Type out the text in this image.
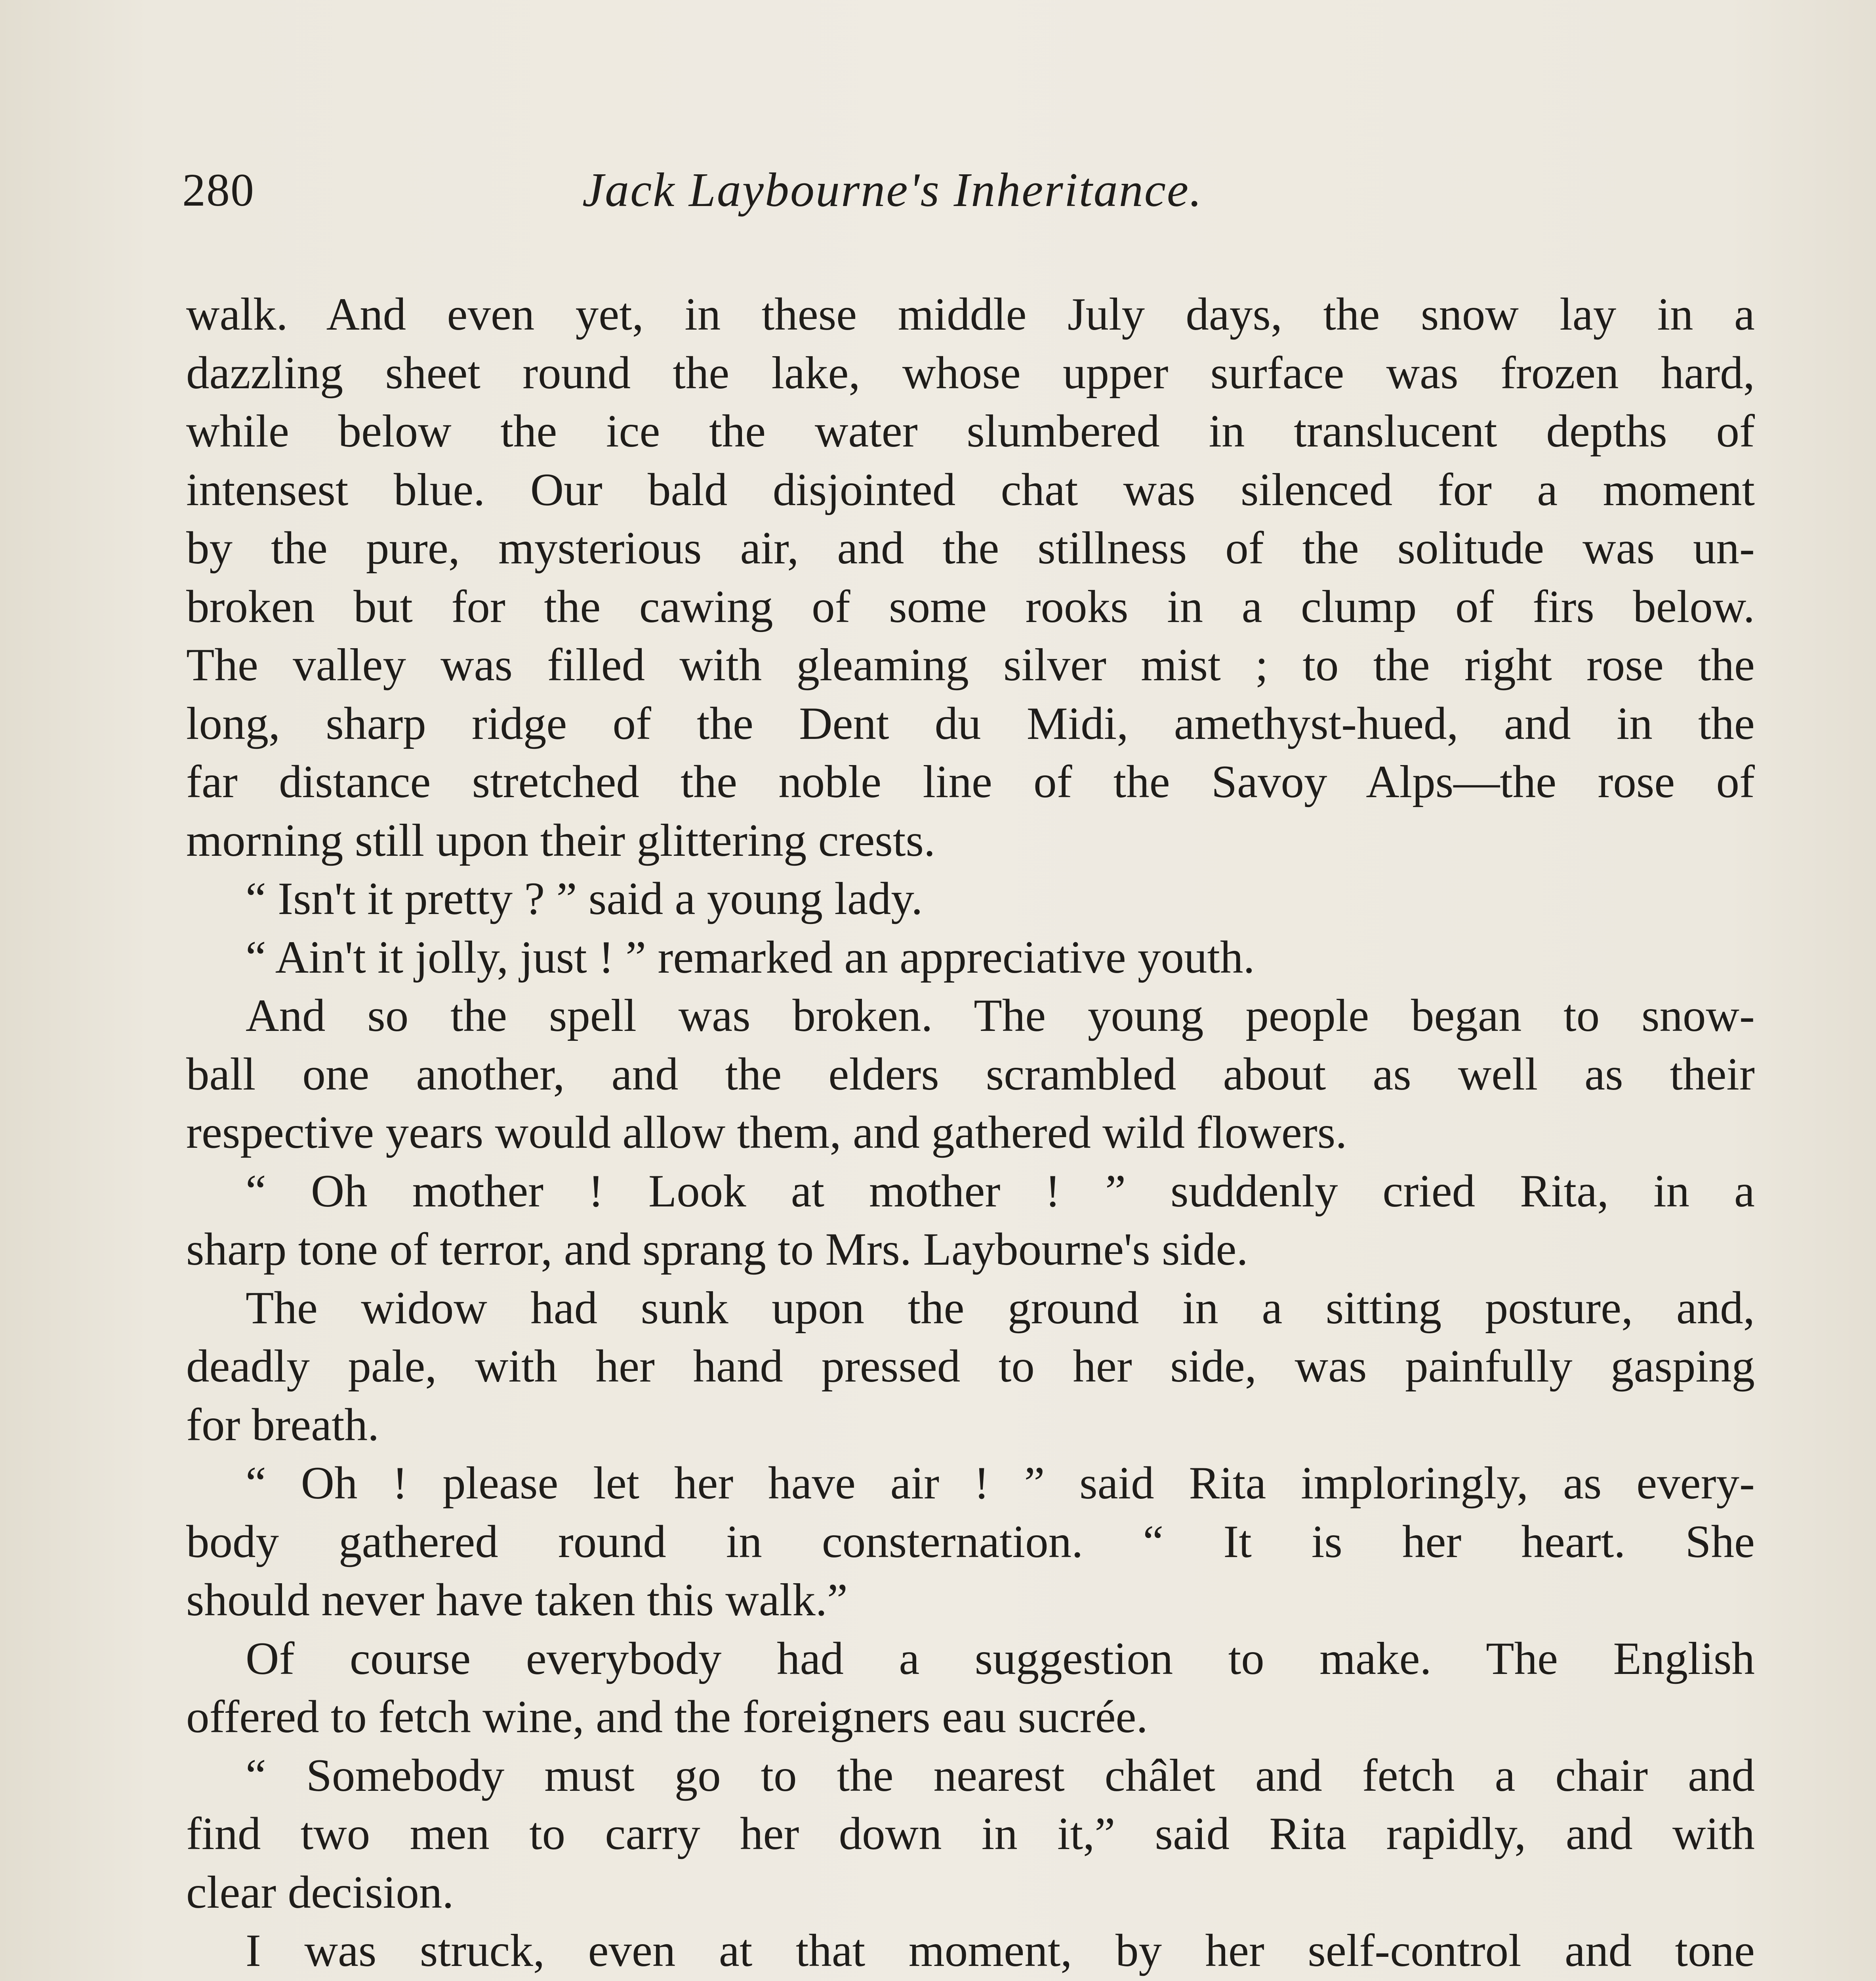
280	Jack Laybourne's Inheritance.
walk. And even yet, in these middle July days, the snow lay in a
dazzling sheet round the lake, whose upper surface was frozen hard,
while below the ice the water slumbered in translucent depths of
intensest blue. Our bald disjointed chat was silenced for a moment
by the pure, mysterious air, and the stillness of the solitude was un-
broken but for the cawing of some rooks in a clump of firs below.
The valley was filled with gleaming silver mist ; to the right rose the
long, sharp ridge of the Dent du Midi, amethyst-hued, and in the
far distance stretched the noble line of the Savoy Alps—the rose of
morning still upon their glittering crests.
“ Isn't it pretty ? ” said a young lady.
“ Ain't it jolly, just ! ” remarked an appreciative youth.
And so the spell was broken. The young people began to snow-
ball one another, and the elders scrambled about as well as their
respective years would allow them, and gathered wild flowers.
“ Oh mother ! Look at mother ! ” suddenly cried Rita, in a
sharp tone of terror, and sprang to Mrs. Laybourne's side.
The widow had sunk upon the ground in a sitting posture, and,
deadly pale, with her hand pressed to her side, was painfully gasping
for breath.
“ Oh ! please let her have air ! ” said Rita imploringly, as every-
body gathered round in consternation. “ It is her heart. She
should never have taken this walk.”
Of course everybody had a suggestion to make. The English
offered to fetch wine, and the foreigners eau sucrée.
“ Somebody must go to the nearest châlet and fetch a chair and
find two men to carry her down in it,” said Rita rapidly, and with
clear decision.
I was struck, even at that moment, by her self-control and tone
